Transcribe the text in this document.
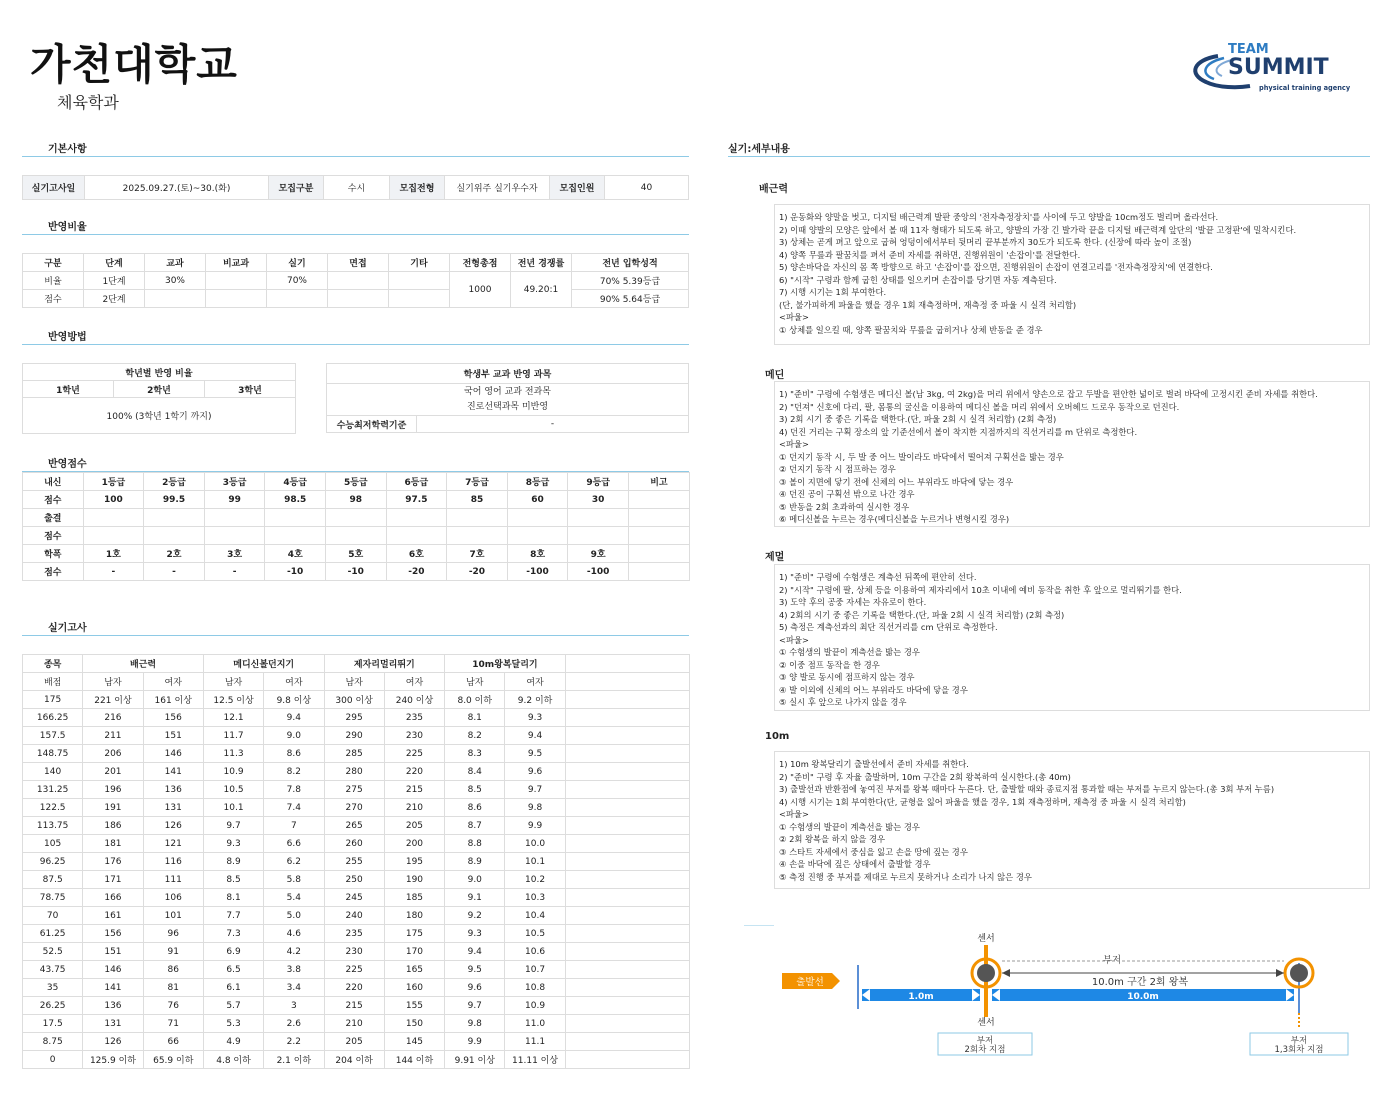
가천대학교
체육학과
TEAM
SUMMIT
physical training agency
기본사항
반영비율
반영방법
반영점수
실기고사
실기:세부내용
실기고사일	2025.09.27.(토)~30.(화)	모집구분	수시	모집전형	실기위주 실기우수자	모집인원	40
구분	단계	교과	비교과	실기	면접	기타	전형총점	전년 경쟁률	전년 입학성적
비율	1단계	30%		70%			1000	49.20:1	70% 5.39등급
점수	2단계								90% 5.64등급
학년별 반영 비율
1학년	2학년	3학년
100% (3학년 1학기 까지)
학생부 교과 반영 과목

국어 영어 교과 전과목
진로선택과목 미반영

수능최저학력기준	-
내신	1등급	2등급	3등급	4등급	5등급	6등급	7등급	8등급	9등급	비고
점수	100	99.5	99	98.5	98	97.5	85	60	30	
출결										
점수										
학폭	1호	2호	3호	4호	5호	6호	7호	8호	9호	
점수	-	-	-	-10	-10	-20	-20	-100	-100	
종목	배근력		메디신볼던지기		제자리멀리뛰기		10m왕복달리기		
배점	남자	여자	남자	여자	남자	여자	남자	여자	
175	221 이상	161 이상	12.5 이상	9.8 이상	300 이상	240 이상	8.0 이하	9.2 이하	
166.25	216	156	12.1	9.4	295	235	8.1	9.3	
157.5	211	151	11.7	9.0	290	230	8.2	9.4	
148.75	206	146	11.3	8.6	285	225	8.3	9.5	
140	201	141	10.9	8.2	280	220	8.4	9.6	
131.25	196	136	10.5	7.8	275	215	8.5	9.7	
122.5	191	131	10.1	7.4	270	210	8.6	9.8	
113.75	186	126	9.7	7	265	205	8.7	9.9	
105	181	121	9.3	6.6	260	200	8.8	10.0	
96.25	176	116	8.9	6.2	255	195	8.9	10.1	
87.5	171	111	8.5	5.8	250	190	9.0	10.2	
78.75	166	106	8.1	5.4	245	185	9.1	10.3	
70	161	101	7.7	5.0	240	180	9.2	10.4	
61.25	156	96	7.3	4.6	235	175	9.3	10.5	
52.5	151	91	6.9	4.2	230	170	9.4	10.6	
43.75	146	86	6.5	3.8	225	165	9.5	10.7	
35	141	81	6.1	3.4	220	160	9.6	10.8	
26.25	136	76	5.7	3	215	155	9.7	10.9	
17.5	131	71	5.3	2.6	210	150	9.8	11.0	
8.75	126	66	4.9	2.2	205	145	9.9	11.1	
0	125.9 이하	65.9 이하	4.8 이하	2.1 이하	204 이하	144 이하	9.91 이상	11.11 이상	
배근력
1) 운동화와 양말을 벗고, 디지털 배근력계 발판 중앙의 '전자측정장치'를 사이에 두고 양발을 10cm정도 벌리며 올라선다.
2) 이때 양발의 모양은 앞에서 볼 때 11자 형태가 되도록 하고, 양발의 가장 긴 발가락 끝을 디지털 배근력계 앞단의 '발끝 고정판'에 밀착시킨다.
3) 상체는 곧게 펴고 앞으로 굽혀 엉덩이에서부터 뒷머리 끝부분까지 30도가 되도록 한다. (신장에 따라 높이 조절)
4) 양쪽 무릎과 팔꿈치를 펴서 준비 자세를 취하면, 진행위원이 '손잡이'를 전달한다.
5) 양손바닥을 자신의 몸 쪽 방향으로 하고 '손잡이'를 잡으면, 진행위원이 손잡이 연결고리를 '전자측정장치'에 연결한다.
6) "시작" 구령과 함께 굽힌 상태를 일으키며 손잡이를 당기면 자동 계측된다.
7) 시행 시기는 1회 부여한다.
(단, 불가피하게 파울을 했을 경우 1회 재측정하며, 재측정 중 파울 시 실격 처리함)
<파울>
① 상체를 일으킬 때, 양쪽 팔꿈치와 무릎을 굽히거나 상체 반동을 준 경우
메딘
1) "준비" 구령에 수험생은 메디신 볼(남 3kg, 여 2kg)을 머리 위에서 양손으로 잡고 두발을 편안한 넓이로 벌려 바닥에 고정시킨 준비 자세를 취한다.
2) "던져" 신호에 다리, 팔, 몸통의 굴신을 이용하여 메디신 볼을 머리 위에서 오버헤드 드로우 동작으로 던진다.
3) 2회 시기 중 좋은 기록을 택한다.(단, 파울 2회 시 실격 처리함) (2회 측정)
4) 던진 거리는 구획 장소의 앞 기준선에서 볼이 착지한 지점까지의 직선거리를 m 단위로 측정한다.
<파울>
① 던지기 동작 시, 두 발 중 어느 발이라도 바닥에서 떨어져 구획선을 밟는 경우
② 던지기 동작 시 점프하는 경우
③ 볼이 지면에 닿기 전에 신체의 어느 부위라도 바닥에 닿는 경우
④ 던진 공이 구획선 밖으로 나간 경우
⑤ 반동을 2회 초과하여 실시한 경우
⑥ 메디신볼을 누르는 경우(메디신볼을 누르거나 변형시킬 경우)
제멀
1) "준비" 구령에 수험생은 계측선 뒤쪽에 편안히 선다.
2) "시작" 구령에 팔, 상체 등을 이용하여 제자리에서 10초 이내에 예비 동작을 취한 후 앞으로 멀리뛰기를 한다.
3) 도약 후의 공중 자세는 자유로이 한다.
4) 2회의 시기 중 좋은 기록을 택한다.(단, 파울 2회 시 실격 처리함) (2회 측정)
5) 측정은 계측선과의 최단 직선거리를 cm 단위로 측정한다.
<파울>
① 수험생의 발끝이 계측선을 밟는 경우
② 이중 점프 동작을 한 경우
③ 양 발로 동시에 점프하지 않는 경우
④ 발 이외에 신체의 어느 부위라도 바닥에 닿을 경우
⑤ 실시 후 앞으로 나가지 않을 경우
10m
1) 10m 왕복달리기 출발선에서 준비 자세를 취한다.
2) "준비" 구령 후 자율 출발하며, 10m 구간을 2회 왕복하여 실시한다.(총 40m)
3) 출발선과 반환점에 놓여진 부저를 왕복 때마다 누른다. 단, 출발할 때와 종료지점 통과할 때는 부저를 누르지 않는다.(총 3회 부저 누름)
4) 시행 시기는 1회 부여한다(단, 균형을 잃어 파울을 했을 경우, 1회 재측정하며, 재측정 중 파울 시 실격 처리함)
<파울>
① 수험생의 발끝이 계측선을 밟는 경우
② 2회 왕복을 하지 않을 경우
③ 스타트 자세에서 중심을 잃고 손을 땅에 짚는 경우
④ 손을 바닥에 짚은 상태에서 출발할 경우
⑤ 측정 진행 중 부저를 제대로 누르지 못하거나 소리가 나지 않은 경우
출발선
센서
센서
부저
10.0m 구간 2회 왕복
1.0m	10.0m
부저
2회차 지점
부저
1,3회차 지점
